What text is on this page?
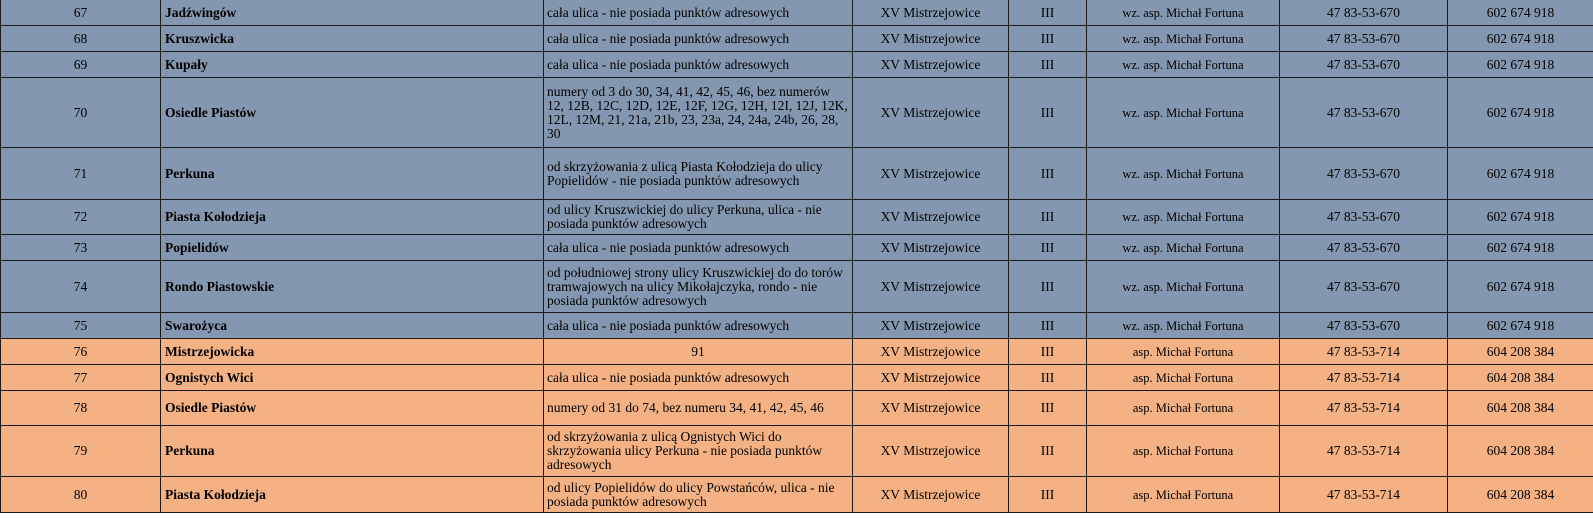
67	Jadźwingów	cała ulica - nie posiada punktów adresowych	XV Mistrzejowice	III	wz. asp. Michał Fortuna	47 83-53-670	602 674 918
68	Kruszwicka	cała ulica - nie posiada punktów adresowych	XV Mistrzejowice	III	wz. asp. Michał Fortuna	47 83-53-670	602 674 918
69	Kupały	cała ulica - nie posiada punktów adresowych	XV Mistrzejowice	III	wz. asp. Michał Fortuna	47 83-53-670	602 674 918
70	Osiedle Piastów	numery od 3 do 30, 34, 41, 42, 45, 46, bez numerów 12, 12B, 12C, 12D, 12E, 12F, 12G, 12H, 12I, 12J, 12K, 12L, 12M, 21, 21a, 21b, 23, 23a, 24, 24a, 24b, 26, 28, 30	XV Mistrzejowice	III	wz. asp. Michał Fortuna	47 83-53-670	602 674 918
71	Perkuna	od skrzyżowania z ulicą Piasta Kołodzieja do ulicy Popielidów - nie posiada punktów adresowych	XV Mistrzejowice	III	wz. asp. Michał Fortuna	47 83-53-670	602 674 918
72	Piasta Kołodzieja	od ulicy Kruszwickiej do ulicy Perkuna, ulica - nie posiada punktów adresowych	XV Mistrzejowice	III	wz. asp. Michał Fortuna	47 83-53-670	602 674 918
73	Popielidów	cała ulica - nie posiada punktów adresowych	XV Mistrzejowice	III	wz. asp. Michał Fortuna	47 83-53-670	602 674 918
74	Rondo Piastowskie	od południowej strony ulicy Kruszwickiej do do torów tramwajowych na ulicy Mikołajczyka, rondo - nie posiada punktów adresowych	XV Mistrzejowice	III	wz. asp. Michał Fortuna	47 83-53-670	602 674 918
75	Swarożyca	cała ulica - nie posiada punktów adresowych	XV Mistrzejowice	III	wz. asp. Michał Fortuna	47 83-53-670	602 674 918
76	Mistrzejowicka	91	XV Mistrzejowice	III	asp. Michał Fortuna	47 83-53-714	604 208 384
77	Ognistych Wici	cała ulica - nie posiada punktów adresowych	XV Mistrzejowice	III	asp. Michał Fortuna	47 83-53-714	604 208 384
78	Osiedle Piastów	numery od 31 do 74, bez numeru 34, 41, 42, 45, 46	XV Mistrzejowice	III	asp. Michał Fortuna	47 83-53-714	604 208 384
79	Perkuna	od skrzyżowania z ulicą Ognistych Wici do skrzyżowania ulicy Perkuna - nie posiada punktów adresowych	XV Mistrzejowice	III	asp. Michał Fortuna	47 83-53-714	604 208 384
80	Piasta Kołodzieja	od ulicy Popielidów do ulicy Powstańców, ulica - nie posiada punktów adresowych	XV Mistrzejowice	III	asp. Michał Fortuna	47 83-53-714	604 208 384
